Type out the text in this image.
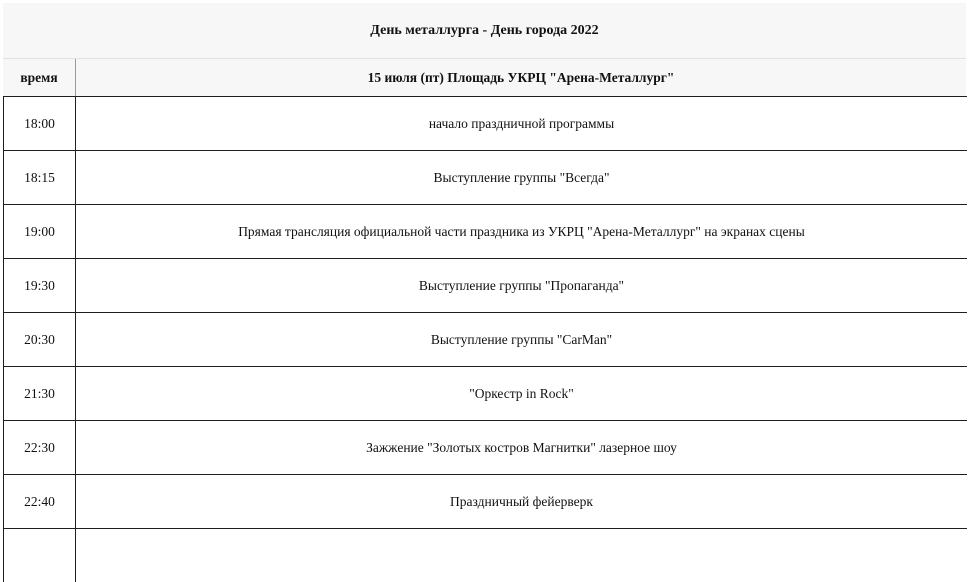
День металлурга - День города 2022
время	15 июля (пт) Площадь УКРЦ "Арена-Металлург"
18:00	начало праздничной программы
18:15	Выступление группы "Всегда"
19:00	Прямая трансляция официальной части праздника из УКРЦ "Арена-Металлург" на экранах сцены
19:30	Выступление группы "Пропаганда"
20:30	Выступление группы "CarMan"
21:30	"Оркестр in Rock"
22:30	Зажжение "Золотых костров Магнитки" лазерное шоу
22:40	Праздничный фейерверк
